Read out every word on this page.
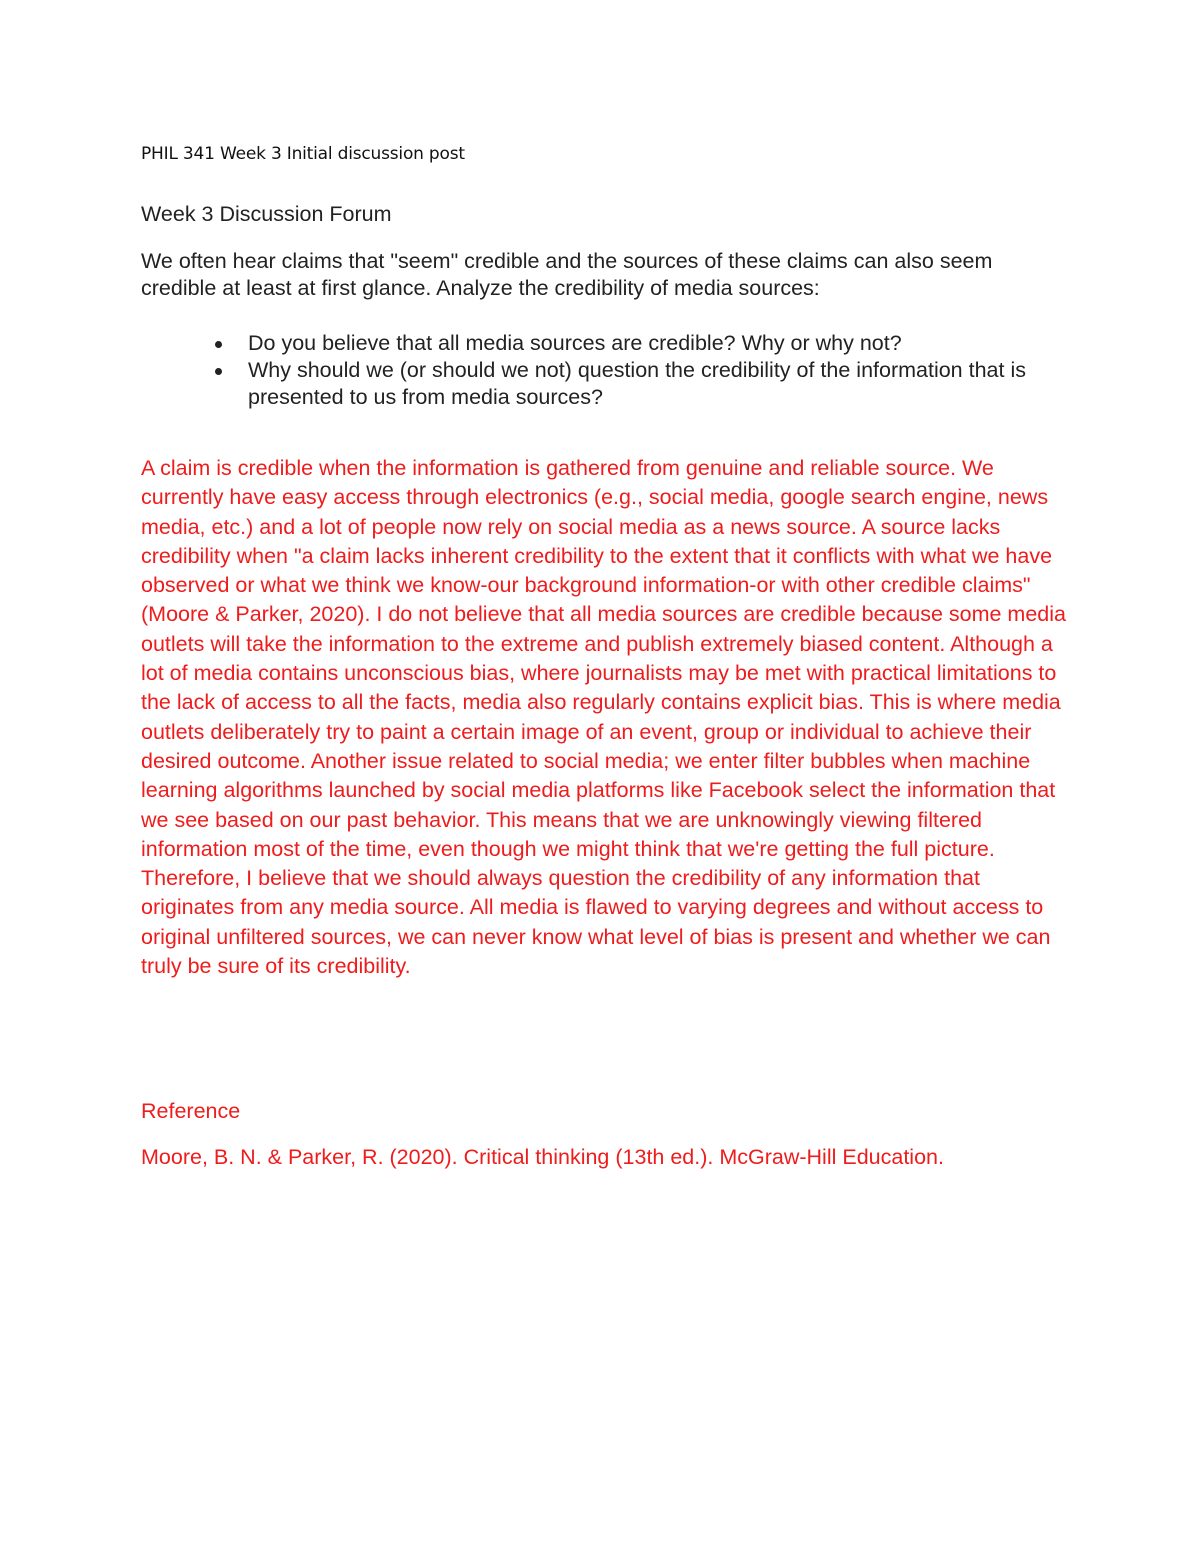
PHIL 341 Week 3 Initial discussion post
Week 3 Discussion Forum

We often hear claims that "seem" credible and the sources of these claims can also seem credible at least at first glance. Analyze the credibility of media sources:

Do you believe that all media sources are credible? Why or why not?
Why should we (or should we not) question the credibility of the information that is presented to us from media sources?

A claim is credible when the information is gathered from genuine and reliable source. We currently have easy access through electronics (e.g., social media, google search engine, news media, etc.) and a lot of people now rely on social media as a news source. A source lacks credibility when "a claim lacks inherent credibility to the extent that it conflicts with what we have observed or what we think we know-our background information-or with other credible claims" (Moore & Parker, 2020). I do not believe that all media sources are credible because some media outlets will take the information to the extreme and publish extremely biased content. Although a lot of media contains unconscious bias, where journalists may be met with practical limitations to the lack of access to all the facts, media also regularly contains explicit bias. This is where media outlets deliberately try to paint a certain image of an event, group or individual to achieve their desired outcome. Another issue related to social media; we enter filter bubbles when machine learning algorithms launched by social media platforms like Facebook select the information that we see based on our past behavior. This means that we are unknowingly viewing filtered information most of the time, even though we might think that we're getting the full picture. Therefore, I believe that we should always question the credibility of any information that originates from any media source. All media is flawed to varying degrees and without access to original unfiltered sources, we can never know what level of bias is present and whether we can truly be sure of its credibility.

Reference
Moore, B. N. & Parker, R. (2020). Critical thinking (13th ed.). McGraw-Hill Education.
